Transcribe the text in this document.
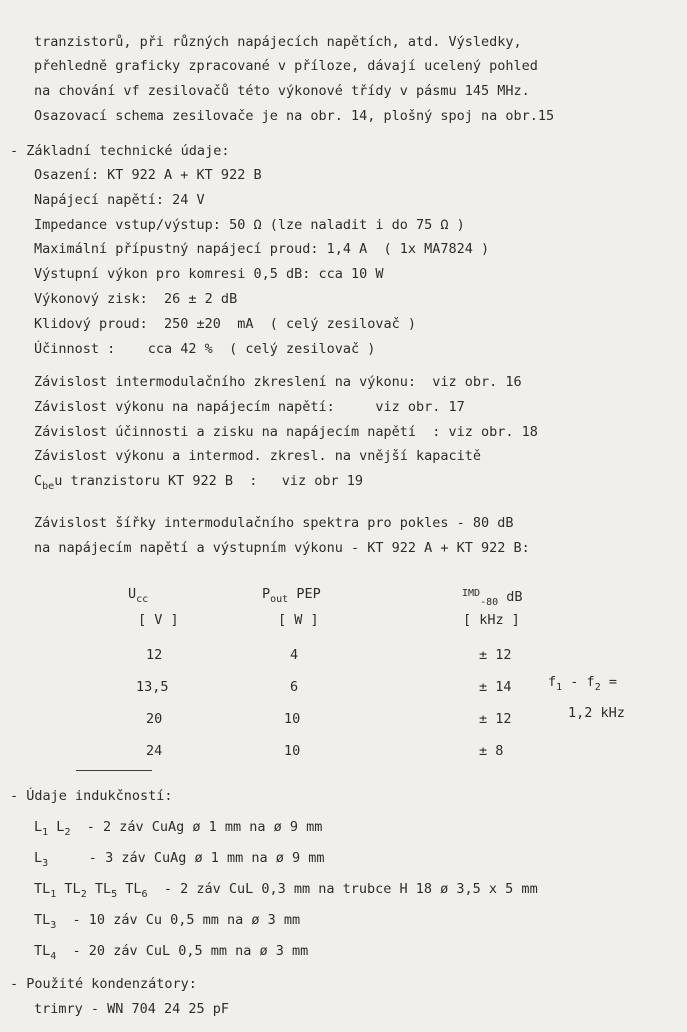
tranzistorů, při různých napájecích napětích, atd. Výsledky,
přehledně graficky zpracované v příloze, dávají ucelený pohled
na chování vf zesilovačů této výkonové třídy v pásmu 145 MHz.
Osazovací schema zesilovače je na obr. 14, plošný spoj na obr.15
- Základní technické údaje:
Osazení: KT 922 A + KT 922 B
Napájecí napětí: 24 V
Impedance vstup/výstup: 50 Ω (lze naladit i do 75 Ω )
Maximální přípustný napájecí proud: 1,4 A  ( 1x MA7824 )
Výstupní výkon pro komresi 0,5 dB: cca 10 W
Výkonový zisk:  26 ± 2 dB
Klidový proud:  250 ±20  mA  ( celý zesilovač )
Účinnost :    cca 42 %  ( celý zesilovač )
Závislost intermodulačního zkreslení na výkonu:  viz obr. 16
Závislost výkonu na napájecím napětí:     viz obr. 17
Závislost účinnosti a zisku na napájecím napětí  : viz obr. 18
Závislost výkonu a intermod. zkresl. na vnější kapacitě
$C_{be}u$ tranzistoru KT 922 B  :   viz obr 19
Závislost šířky intermodulačního spektra pro pokles - 80 dB
na napájecím napětí a výstupním výkonu - KT 922 A + KT 922 B:
$U_{cc}$	$P_{out}$ PEP	$^{IMD}_{-80}$ dB
[ V ]	[ W ]	[ kHz ]
12	4	± 12
13,5	6	± 14
20	10	± 12
24	10	± 8
$f_1 - f_2$ =
1,2 kHz
- Údaje indukčností:
$L_1$ $L_2 - 2$ záv CuAg ø 1 mm na ø 9 mm
$L_3$     - 3 záv CuAg ø 1 mm na ø 9 mm
$TL_1$ $TL_2$ $TL_5$ $TL_6 - 2$ záv CuL 0,3 mm na trubce H 18 ø 3,5 x 5 mm
$TL_3 - 10$ záv Cu 0,5 mm na ø 3 mm
$TL_4 - 20$ záv CuL 0,5 mm na ø 3 mm
- Použité kondenzátory:
trimry - WN 704 24 25 pF
